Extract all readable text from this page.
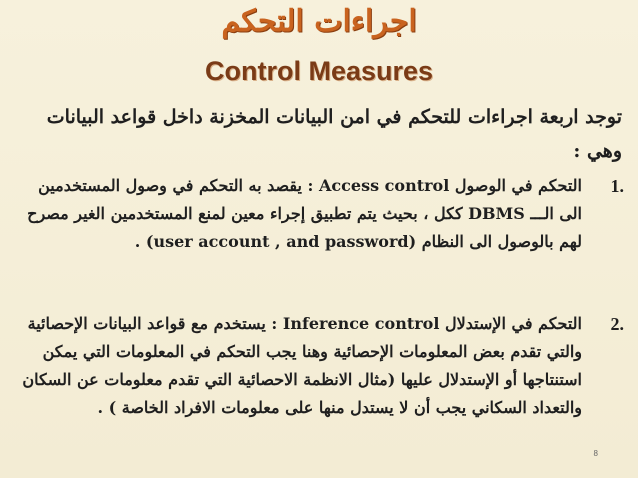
اجراءات التحكم
Control Measures
توجد اربعة اجراءات للتحكم في امن البيانات المخزنة داخل قواعد البيانات وهي :
1.
التحكم في الوصول Access control : يقصد به التحكم في وصول المستخدمين الى الـــ DBMS ككل ، بحيث يتم تطبيق إجراء معين لمنع المستخدمين الغير مصرح لهم بالوصول الى النظام (user account , and password) .
2.
التحكم في الإستدلال Inference control : يستخدم مع قواعد البيانات الإحصائية والتي تقدم بعض المعلومات الإحصائية وهنا يجب التحكم في المعلومات التي يمكن استنتاجها أو الإستدلال عليها (مثال الانظمة الاحصائية التي تقدم معلومات عن السكان والتعداد السكاني يجب أن لا يستدل منها على معلومات الافراد الخاصة ) .
8
